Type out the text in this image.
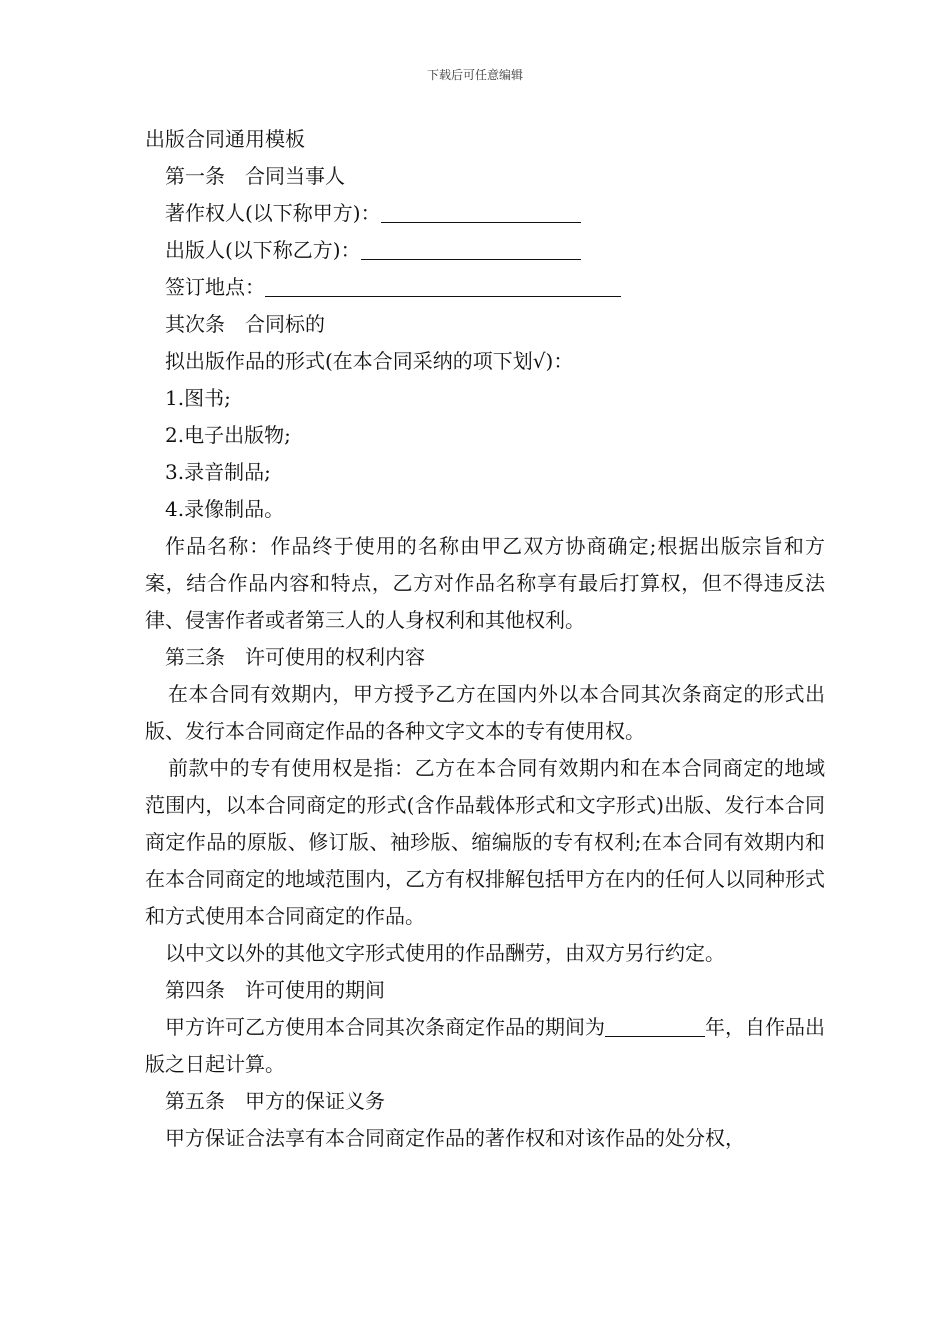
下载后可任意编辑
出版合同通用模板
第一条　合同当事人
著作权人(以下称甲方)：
出版人(以下称乙方)：
签订地点：
其次条　合同标的
拟出版作品的形式(在本合同采纳的项下划√)：
1.图书;
2.电子出版物;
3.录音制品;
4.录像制品。
作品名称：作品终于使用的名称由甲乙双方协商确定;根据出版宗旨和方案，结合作品内容和特点，乙方对作品名称享有最后打算权，但不得违反法律、侵害作者或者第三人的人身权利和其他权利。
第三条　许可使用的权利内容
在本合同有效期内，甲方授予乙方在国内外以本合同其次条商定的形式出版、发行本合同商定作品的各种文字文本的专有使用权。
前款中的专有使用权是指：乙方在本合同有效期内和在本合同商定的地域范围内，以本合同商定的形式(含作品载体形式和文字形式)出版、发行本合同商定作品的原版、修订版、袖珍版、缩编版的专有权利;在本合同有效期内和在本合同商定的地域范围内，乙方有权排解包括甲方在内的任何人以同种形式和方式使用本合同商定的作品。
以中文以外的其他文字形式使用的作品酬劳，由双方另行约定。
第四条　许可使用的期间
甲方许可乙方使用本合同其次条商定作品的期间为	年，自作品出版之日起计算。
第五条　甲方的保证义务
甲方保证合法享有本合同商定作品的著作权和对该作品的处分权，
